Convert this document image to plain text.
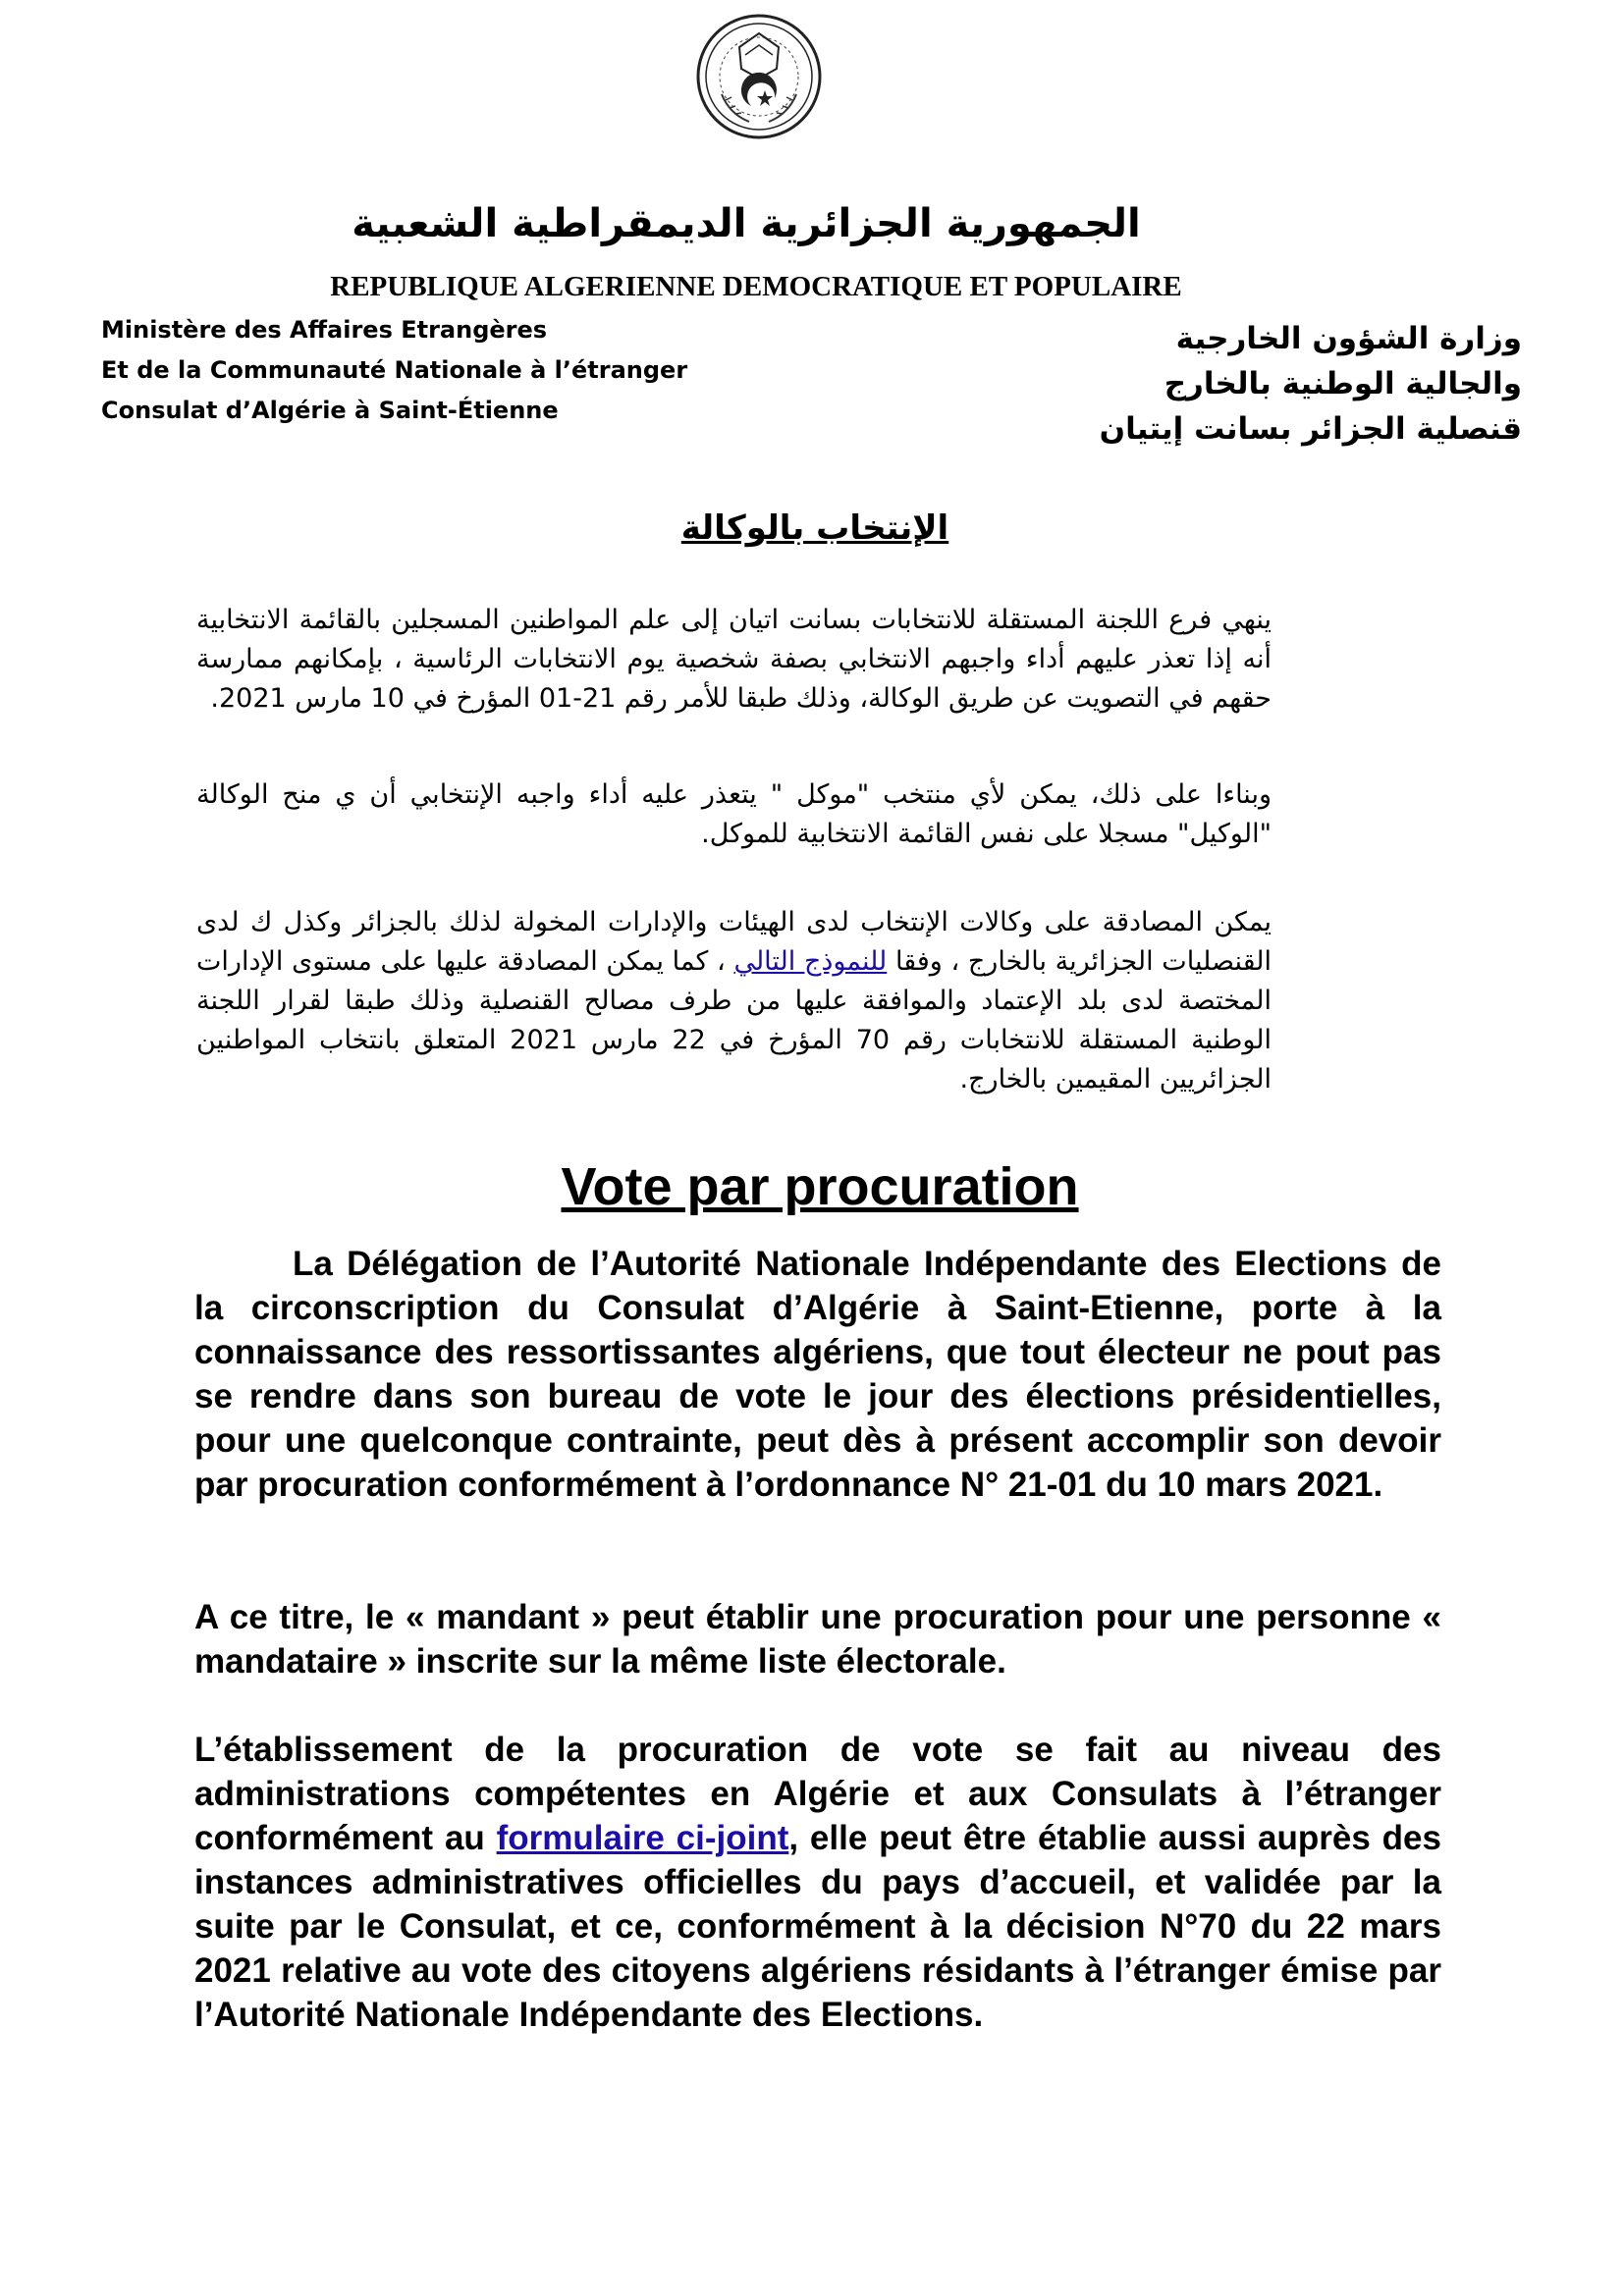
الجمهورية الجزائرية الديمقراطية الشعبية
REPUBLIQUE ALGERIENNE DEMOCRATIQUE ET POPULAIRE
Ministère des Affaires Etrangères
Et de la Communauté Nationale à l’étranger
Consulat d’Algérie à Saint-Étienne
وزارة الشؤون الخارجية
والجالية الوطنية بالخارج
قنصلية الجزائر بسانت إيتيان
الإنتخاب بالوكالة

ينهي فرع اللجنة المستقلة للانتخابات بسانت اتيان إلى علم المواطنين المسجلين بالقائمة الانتخابية أنه إذا تعذر عليهم أداء واجبهم الانتخابي بصفة شخصية يوم الانتخابات الرئاسية ، بإمكانهم ممارسة حقهم في التصويت عن طريق الوكالة، وذلك طبقا للأمر رقم 21-01 المؤرخ في 10 مارس 2021.

وبناءا على ذلك، يمكن لأي منتخب "موكل " يتعذر عليه أداء واجبه الإنتخابي أن ي منح الوكالة "الوكيل" مسجلا على نفس القائمة الانتخابية للموكل.

يمكن المصادقة على وكالات الإنتخاب لدى الهيئات والإدارات المخولة لذلك بالجزائر وكذل ك لدى القنصليات الجزائرية بالخارج ، وفقا للنموذج التالي ، كما يمكن المصادقة عليها على مستوى الإدارات المختصة لدى بلد الإعتماد والموافقة عليها من طرف مصالح القنصلية وذلك طبقا لقرار اللجنة الوطنية المستقلة للانتخابات رقم 70 المؤرخ في 22 مارس 2021 المتعلق بانتخاب المواطنين الجزائريين المقيمين بالخارج.

Vote par procuration

La Délégation de l’Autorité Nationale Indépendante des Elections de la circonscription du Consulat d’Algérie à Saint-Etienne, porte à la connaissance des ressortissantes algériens, que tout électeur ne pout pas se rendre dans son bureau de vote le jour des élections présidentielles, pour une quelconque contrainte, peut dès à présent accomplir son devoir par procuration conformément à l’ordonnance N° 21-01 du 10 mars 2021.

A ce titre, le « mandant » peut établir une procuration pour une personne « mandataire » inscrite sur la même liste électorale.

L’établissement de la procuration de vote se fait au niveau des administrations compétentes en Algérie et aux Consulats à l’étranger conformément au formulaire ci-joint, elle peut être établie aussi auprès des instances administratives officielles du pays d’accueil, et validée par la suite par le Consulat, et ce, conformément à la décision N°70 du 22 mars 2021 relative au vote des citoyens algériens résidants à l’étranger émise par l’Autorité Nationale Indépendante des Elections.
